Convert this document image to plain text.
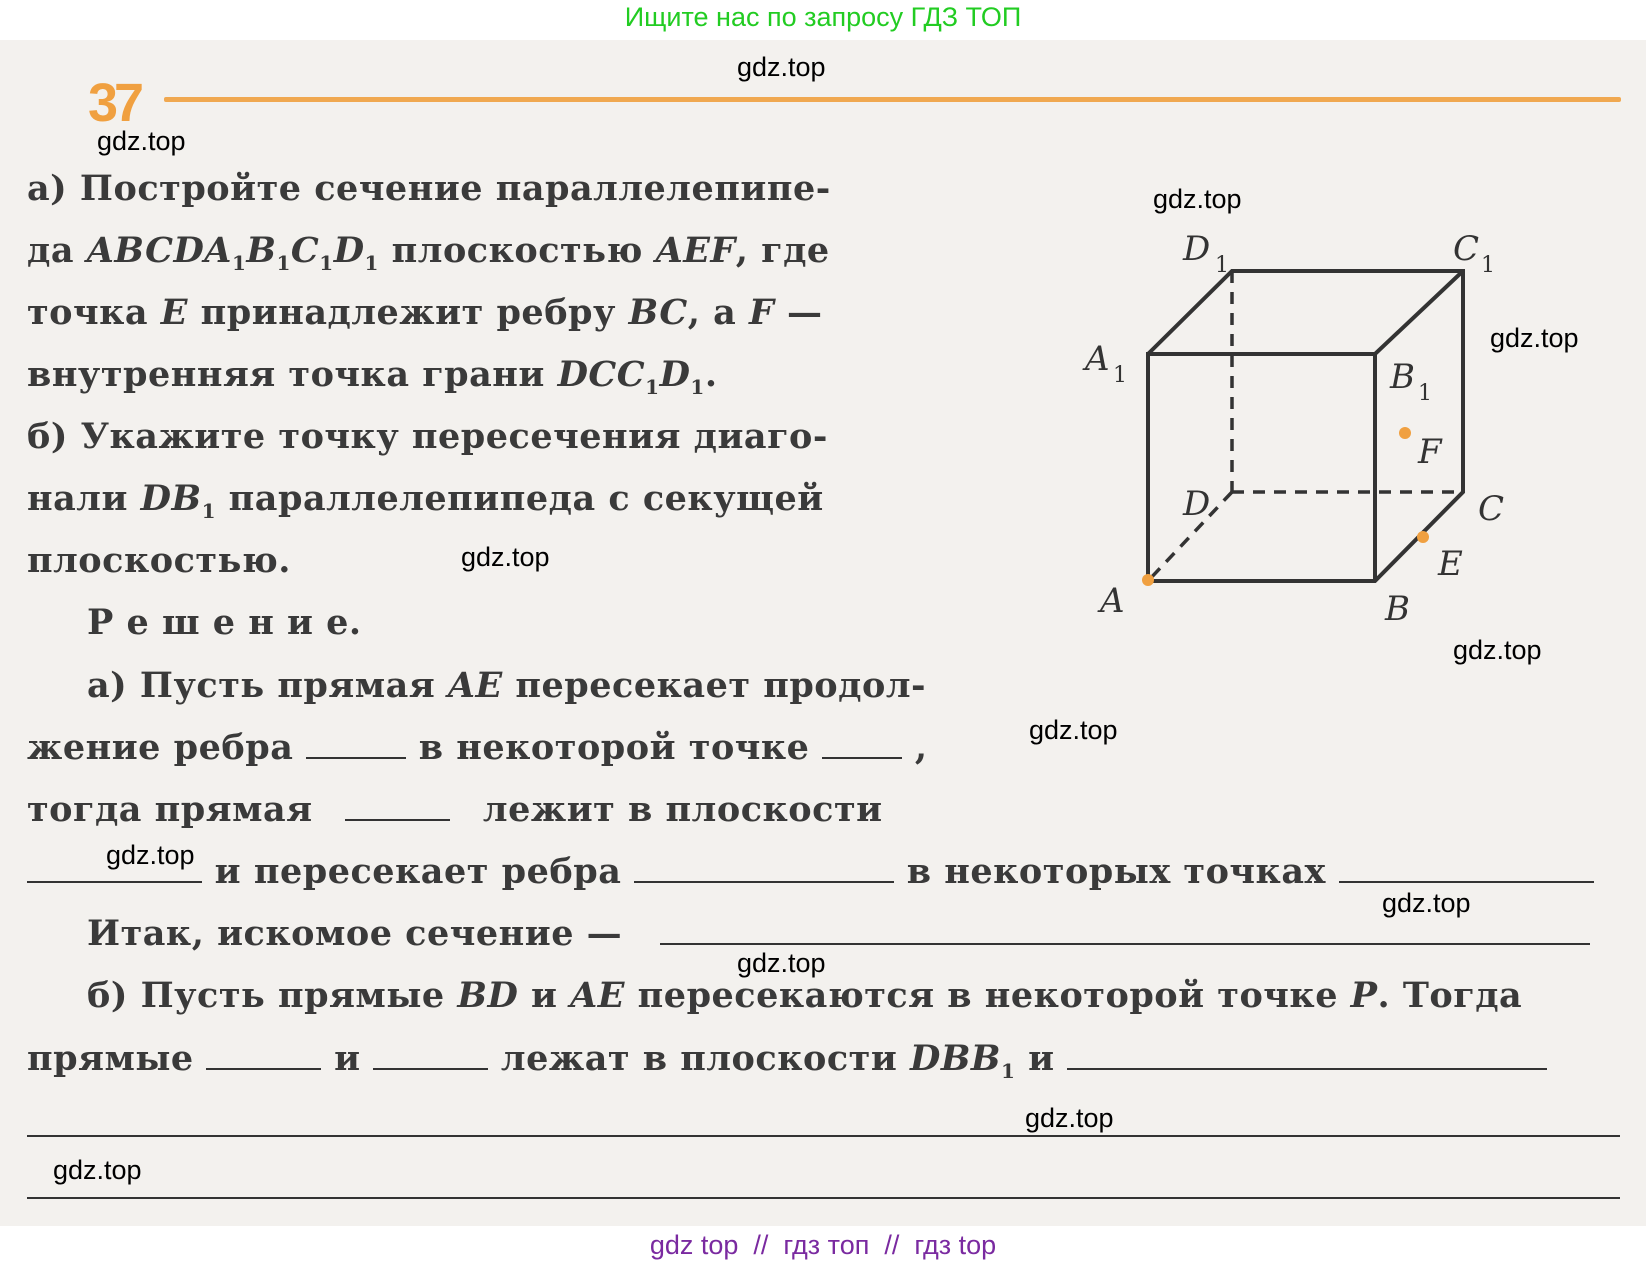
Ищите нас по запросу ГДЗ ТОП
37
а) Постройте сечение параллелепипе-
да $ABCDA_1B_1C_1D_1$ плоскостью AEF, где
точка E принадлежит ребру BC, а F —
внутренняя точка грани $DCC_1D_1$.
б) Укажите точку пересечения диаго-
нали $DB_1$ параллелепипеда с секущей
плоскостью.
Р е ш е н и е.
а) Пусть прямая AE пересекает продол-
жение ребра	в некоторой точке  ,
тогда прямая	лежит в плоскости
и пересекает ребра	в некоторых точках
Итак, искомое сечение —
б) Пусть прямые BD и AE пересекаются в некоторой точке P. Тогда
прямые	и	лежат в плоскости $DBB_1$ и
D 1	C 1
A 1	B 1
F
D	C
E
A	B
gdz.top
gdz.top
gdz.top
gdz.top
gdz.top
gdz.top
gdz.top
gdz.top
gdz.top
gdz.top
gdz.top
gdz.top
gdz top  //  гдз топ  //  гдз top
